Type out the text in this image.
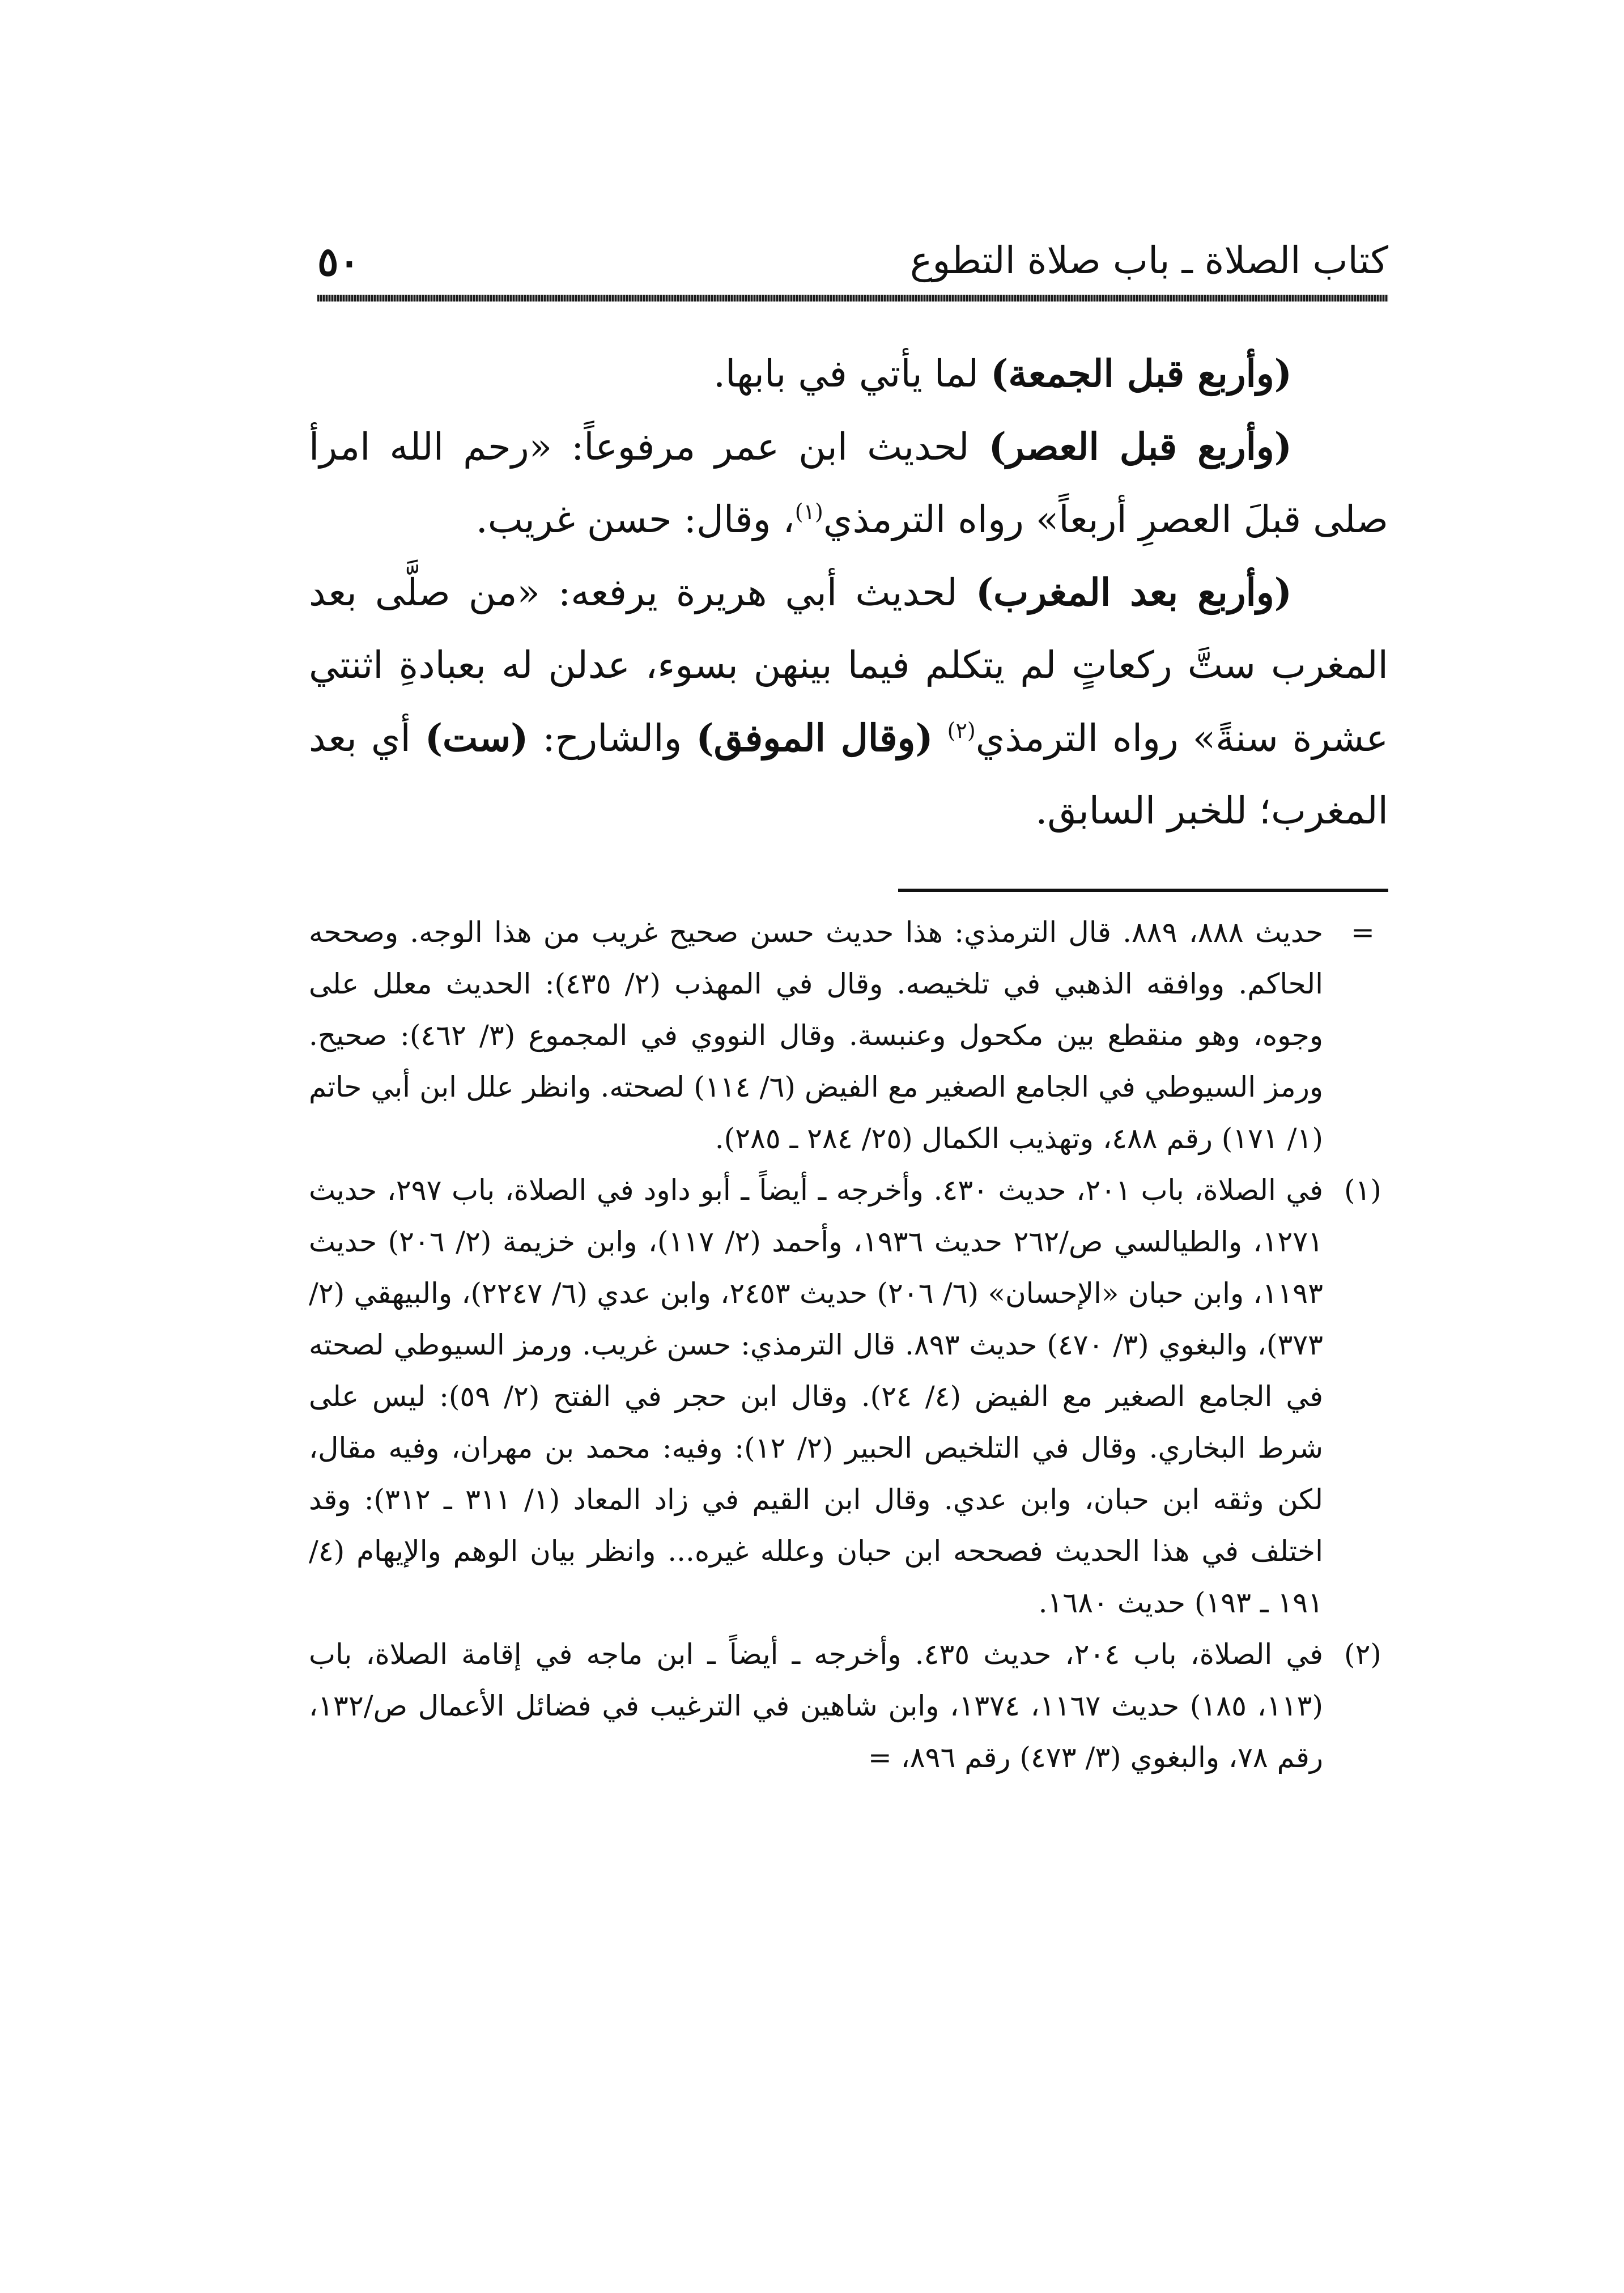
كتاب الصلاة ـ باب صلاة التطوع
٥٠

(وأربع قبل الجمعة) لما يأتي في بابها.

(وأربع قبل العصر) لحديث ابن عمر مرفوعاً: «رحم الله امرأ صلى قبلَ العصرِ أربعاً» رواه الترمذي$^{(١)}$، وقال: حسن غريب.

(وأربع بعد المغرب) لحديث أبي هريرة يرفعه: «من صلَّى بعد المغرب ستَّ ركعاتٍ لم يتكلم فيما بينهن بسوء، عدلن له بعبادةِ اثنتي عشرة سنةً» رواه الترمذي$^{(٢)}$ (وقال الموفق) والشارح: (ست) أي بعد المغرب؛ للخبر السابق.

=
حديث ٨٨٨، ٨٨٩. قال الترمذي: هذا حديث حسن صحيح غريب من هذا الوجه. وصححه الحاكم. ووافقه الذهبي في تلخيصه. وقال في المهذب (٢/ ٤٣٥): الحديث معلل على وجوه، وهو منقطع بين مكحول وعنبسة. وقال النووي في المجموع (٣/ ٤٦٢): صحيح. ورمز السيوطي في الجامع الصغير مع الفيض (٦/ ١١٤) لصحته. وانظر علل ابن أبي حاتم (١/ ١٧١) رقم ٤٨٨، وتهذيب الكمال (٢٥/ ٢٨٤ ـ ٢٨٥).

(١)
في الصلاة، باب ٢٠١، حديث ٤٣٠. وأخرجه ـ أيضاً ـ أبو داود في الصلاة، باب ٢٩٧، حديث ١٢٧١، والطيالسي ص/٢٦٢ حديث ١٩٣٦، وأحمد (٢/ ١١٧)، وابن خزيمة (٢/ ٢٠٦) حديث ١١٩٣، وابن حبان «الإحسان» (٦/ ٢٠٦) حديث ٢٤٥٣، وابن عدي (٦/ ٢٢٤٧)، والبيهقي (٢/ ٣٧٣)، والبغوي (٣/ ٤٧٠) حديث ٨٩٣. قال الترمذي: حسن غريب. ورمز السيوطي لصحته في الجامع الصغير مع الفيض (٤/ ٢٤). وقال ابن حجر في الفتح (٢/ ٥٩): ليس على شرط البخاري. وقال في التلخيص الحبير (٢/ ١٢): وفيه: محمد بن مهران، وفيه مقال، لكن وثقه ابن حبان، وابن عدي. وقال ابن القيم في زاد المعاد (١/ ٣١١ ـ ٣١٢): وقد اختلف في هذا الحديث فصححه ابن حبان وعلله غيره... وانظر بيان الوهم والإيهام (٤/ ١٩١ ـ ١٩٣) حديث ١٦٨٠.

(٢)
في الصلاة، باب ٢٠٤، حديث ٤٣٥. وأخرجه ـ أيضاً ـ ابن ماجه في إقامة الصلاة، باب (١١٣، ١٨٥) حديث ١١٦٧، ١٣٧٤، وابن شاهين في الترغيب في فضائل الأعمال ص/١٣٢، رقم ٧٨، والبغوي (٣/ ٤٧٣) رقم ٨٩٦، =
